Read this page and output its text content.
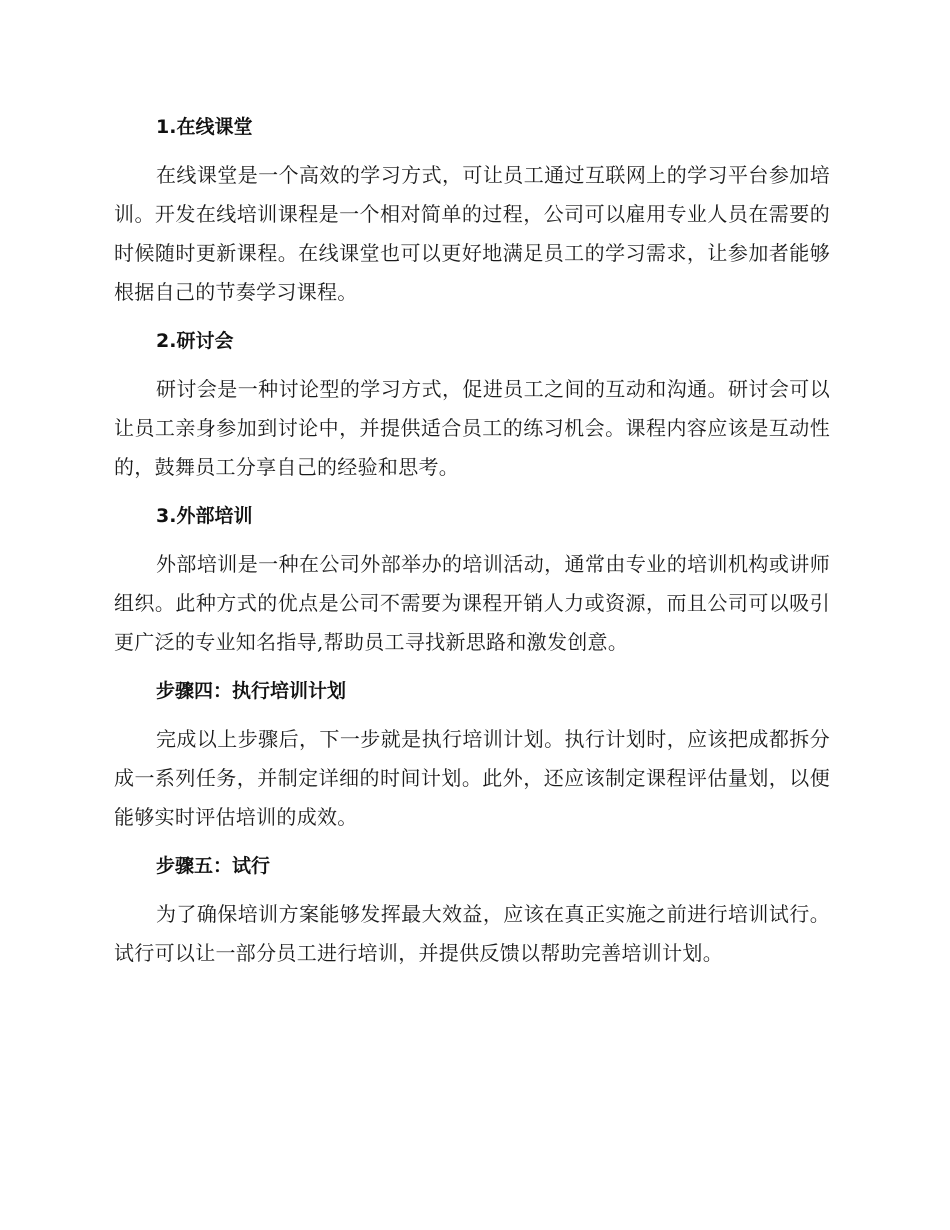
1.在线课堂

在线课堂是一个高效的学习方式，可让员工通过互联网上的学习平台参加培训。开发在线培训课程是一个相对简单的过程，公司可以雇用专业人员在需要的时候随时更新课程。在线课堂也可以更好地满足员工的学习需求，让参加者能够根据自己的节奏学习课程。

2.研讨会

研讨会是一种讨论型的学习方式，促进员工之间的互动和沟通。研讨会可以让员工亲身参加到讨论中，并提供适合员工的练习机会。课程内容应该是互动性的，鼓舞员工分享自己的经验和思考。

3.外部培训

外部培训是一种在公司外部举办的培训活动，通常由专业的培训机构或讲师组织。此种方式的优点是公司不需要为课程开销人力或资源，而且公司可以吸引更广泛的专业知名指导,帮助员工寻找新思路和激发创意。

步骤四：执行培训计划

完成以上步骤后，下一步就是执行培训计划。执行计划时，应该把成都拆分成一系列任务，并制定详细的时间计划。此外，还应该制定课程评估量划，以便能够实时评估培训的成效。

步骤五：试行

为了确保培训方案能够发挥最大效益，应该在真正实施之前进行培训试行。试行可以让一部分员工进行培训，并提供反馈以帮助完善培训计划。
